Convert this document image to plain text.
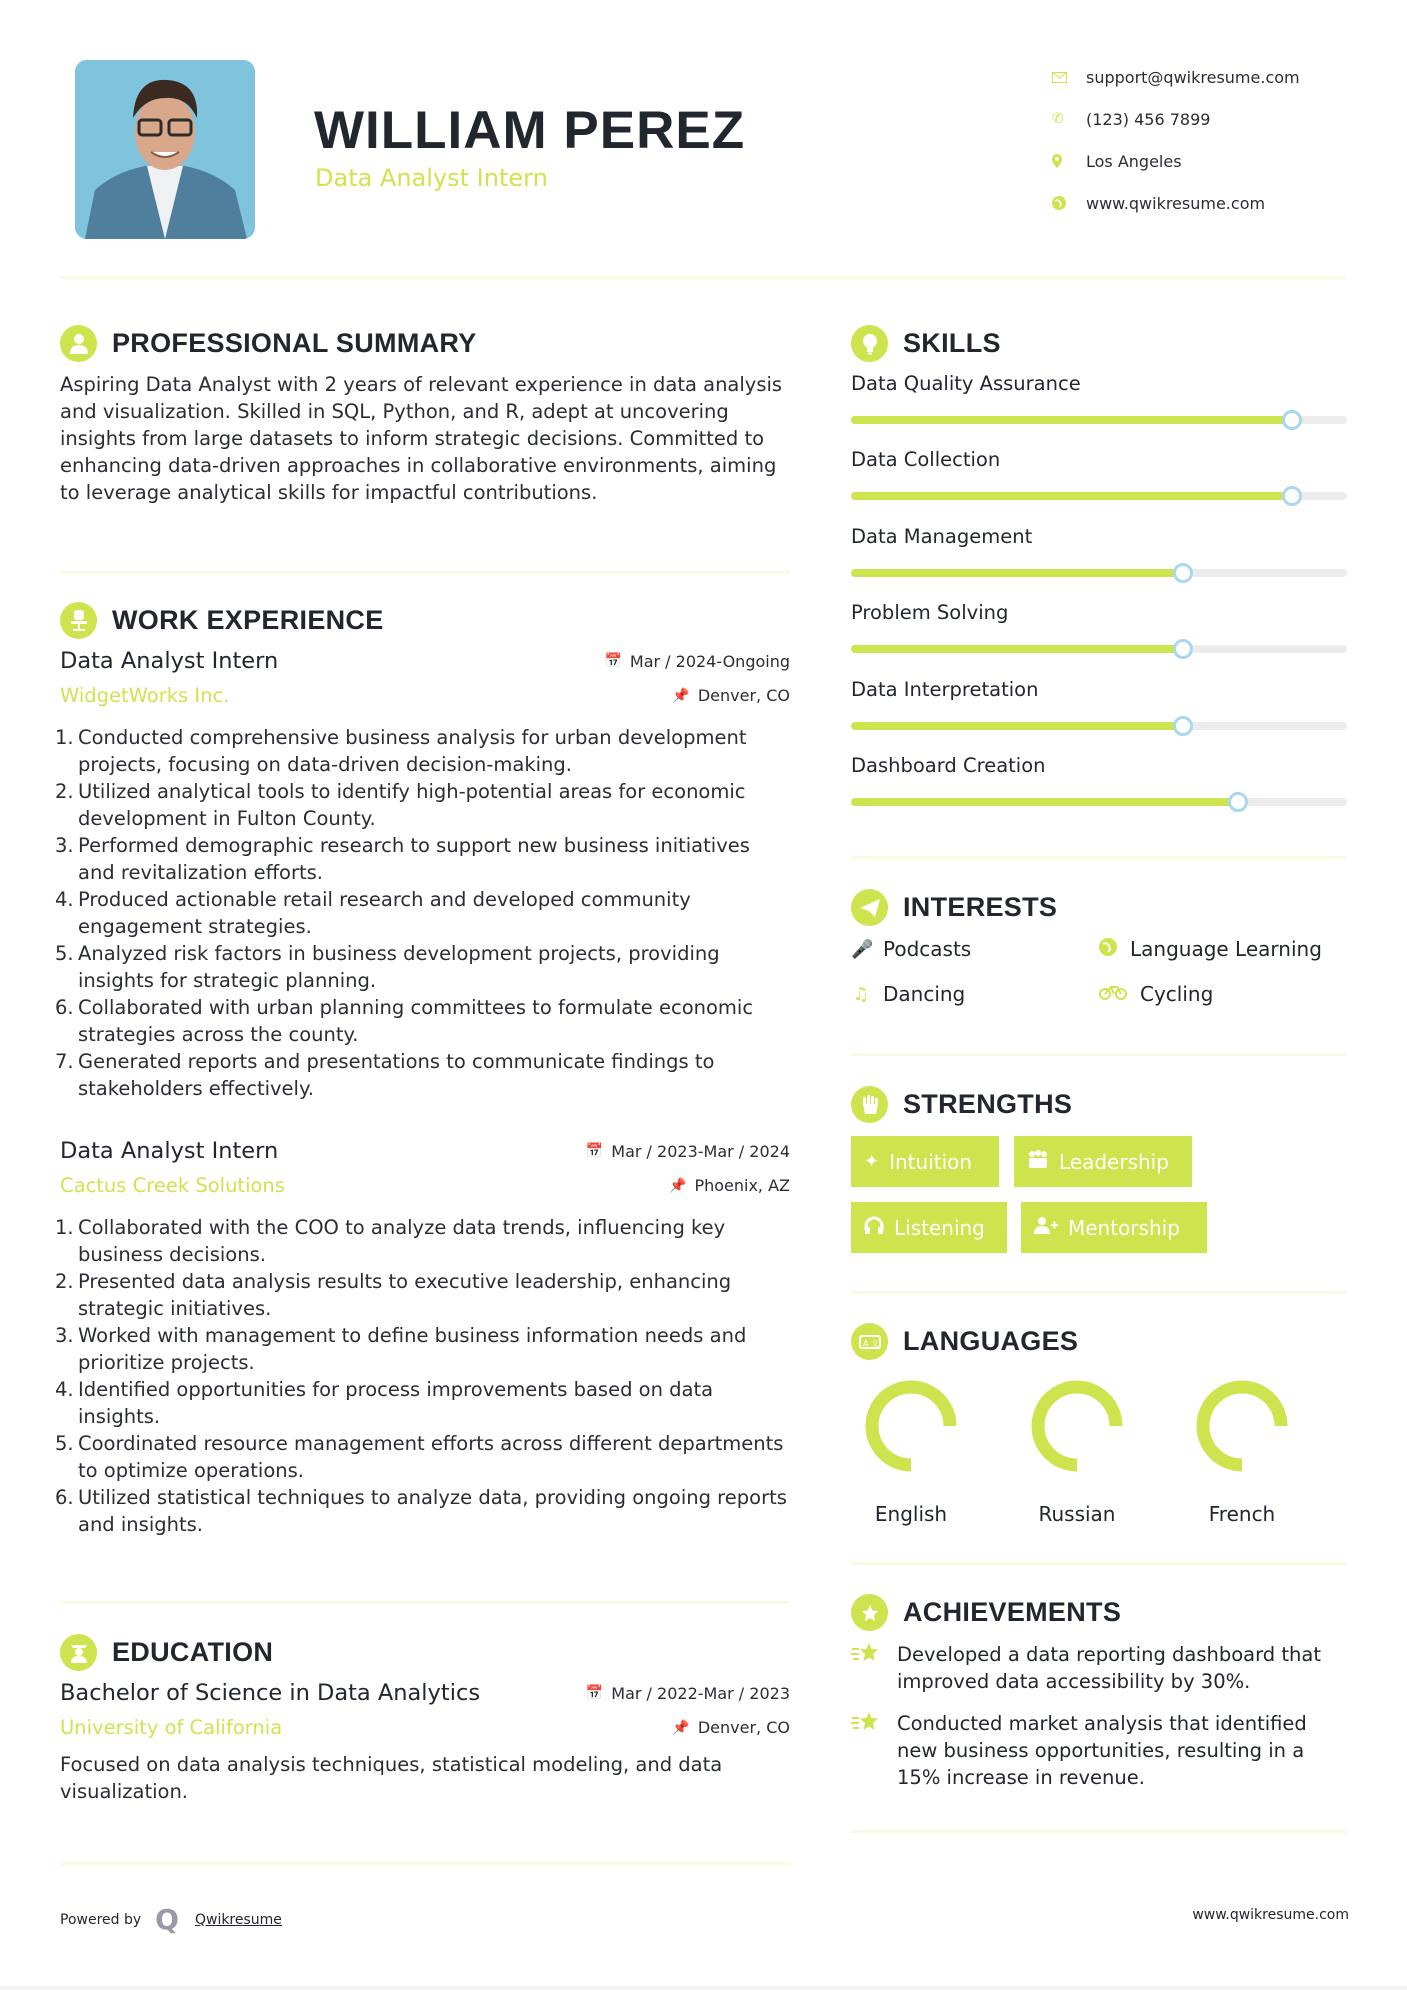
WILLIAM PEREZ
Data Analyst Intern
support@qwikresume.com
✆	(123) 456 7899
Los Angeles
www.qwikresume.com
PROFESSIONAL SUMMARY
Aspiring Data Analyst with 2 years of relevant experience in data analysis and visualization. Skilled in SQL, Python, and R, adept at uncovering insights from large datasets to inform strategic decisions. Committed to enhancing data-driven approaches in collaborative environments, aiming to leverage analytical skills for impactful contributions.
WORK EXPERIENCE
Data Analyst Intern	📅 Mar / 2024-Ongoing
WidgetWorks Inc.	📌 Denver, CO
1. Conducted comprehensive business analysis for urban development projects, focusing on data-driven decision-making.
2. Utilized analytical tools to identify high-potential areas for economic development in Fulton County.
3. Performed demographic research to support new business initiatives and revitalization efforts.
4. Produced actionable retail research and developed community engagement strategies.
5. Analyzed risk factors in business development projects, providing insights for strategic planning.
6. Collaborated with urban planning committees to formulate economic strategies across the county.
7. Generated reports and presentations to communicate findings to stakeholders effectively.
Data Analyst Intern	📅 Mar / 2023-Mar / 2024
Cactus Creek Solutions	📌 Phoenix, AZ
1. Collaborated with the COO to analyze data trends, influencing key business decisions.
2. Presented data analysis results to executive leadership, enhancing strategic initiatives.
3. Worked with management to define business information needs and prioritize projects.
4. Identified opportunities for process improvements based on data insights.
5. Coordinated resource management efforts across different departments to optimize operations.
6. Utilized statistical techniques to analyze data, providing ongoing reports and insights.
EDUCATION
Bachelor of Science in Data Analytics	📅 Mar / 2022-Mar / 2023
University of California	📌 Denver, CO
Focused on data analysis techniques, statistical modeling, and data visualization.
SKILLS
Data Quality Assurance
Data Collection
Data Management
Problem Solving
Data Interpretation
Dashboard Creation
INTERESTS
🎤 Podcasts	Language Learning
♫ Dancing	Cycling
STRENGTHS
✦ Intuition	Leadership
Listening	Mentorship
A 文 LANGUAGES
English	Russian	French
ACHIEVEMENTS
Developed a data reporting dashboard that improved data accessibility by 30%.
Conducted market analysis that identified new business opportunities, resulting in a 15% increase in revenue.
Powered by Q Qwikresume	www.qwikresume.com
